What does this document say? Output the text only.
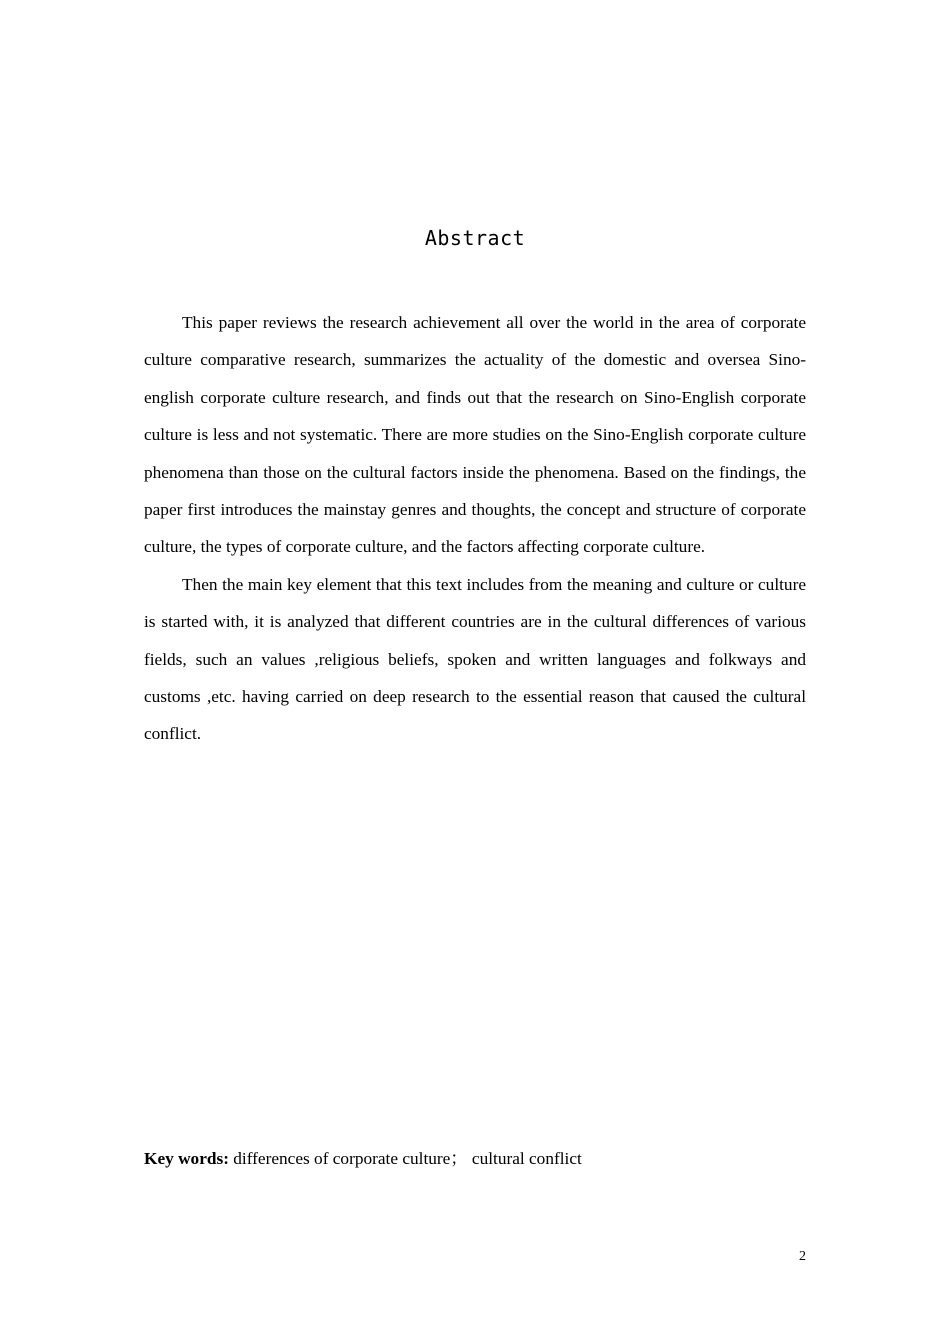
Abstract

This paper reviews the research achievement all over the world in the area of corporate culture comparative research, summarizes the actuality of the domestic and oversea Sino-english corporate culture research, and finds out that the research on Sino-English corporate culture is less and not systematic. There are more studies on the Sino-English corporate culture phenomena than those on the cultural factors inside the phenomena. Based on the findings, the paper first introduces the mainstay genres and thoughts, the concept and structure of corporate culture, the types of corporate culture, and the factors affecting corporate culture.

Then the main key element that this text includes from the meaning and culture or culture is started with, it is analyzed that different countries are in the cultural differences of various fields, such an values ,religious beliefs, spoken and written languages and folkways and customs ,etc. having carried on deep research to the essential reason that caused the cultural conflict.

Key words: differences of corporate culture； cultural conflict
2
